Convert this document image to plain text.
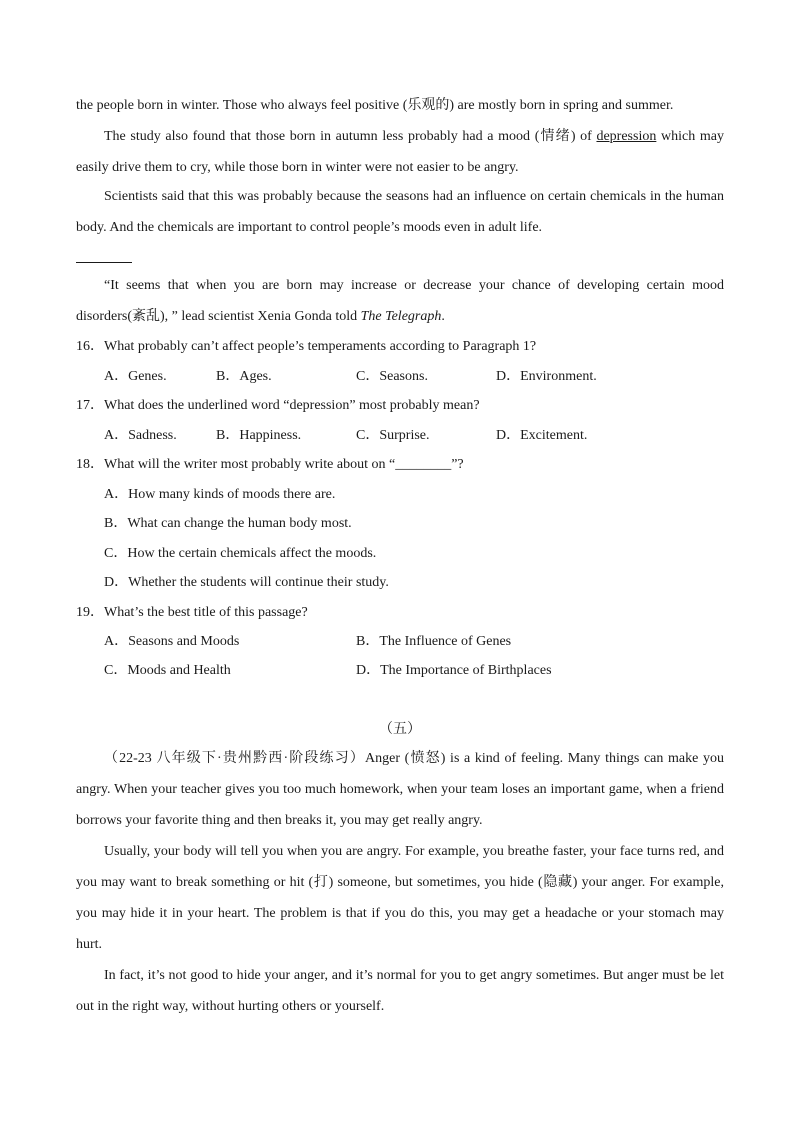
the people born in winter. Those who always feel positive (乐观的) are mostly born in spring and summer.
The study also found that those born in autumn less probably had a mood (情绪) of depression which may easily drive them to cry, while those born in winter were not easier to be angry.
Scientists said that this was probably because the seasons had an influence on certain chemicals in the human body. And the chemicals are important to control people’s moods even in adult life.
“It seems that when you are born may increase or decrease your chance of developing certain mood disorders(紊乱), ” lead scientist Xenia Gonda told The Telegraph.
16．What probably can’t affect people’s temperaments according to Paragraph 1?
A．Genes.	B．Ages.	C．Seasons.	D．Environment.
17．What does the underlined word “depression” most probably mean?
A．Sadness.	B．Happiness.	C．Surprise.	D．Excitement.
18．What will the writer most probably write about on “________”?
A．How many kinds of moods there are.
B．What can change the human body most.
C．How the certain chemicals affect the moods.
D．Whether the students will continue their study.
19．What’s the best title of this passage?
A．Seasons and Moods	B．The Influence of Genes
C．Moods and Health	D．The Importance of Birthplaces
（五）
（22-23 八年级下·贵州黔西·阶段练习）Anger (愤怒) is a kind of feeling. Many things can make you angry. When your teacher gives you too much homework, when your team loses an important game, when a friend borrows your favorite thing and then breaks it, you may get really angry.
Usually, your body will tell you when you are angry. For example, you breathe faster, your face turns red, and you may want to break something or hit (打) someone, but sometimes, you hide (隐藏) your anger. For example, you may hide it in your heart. The problem is that if you do this, you may get a headache or your stomach may hurt.
In fact, it’s not good to hide your anger, and it’s normal for you to get angry sometimes. But anger must be let out in the right way, without hurting others or yourself.
